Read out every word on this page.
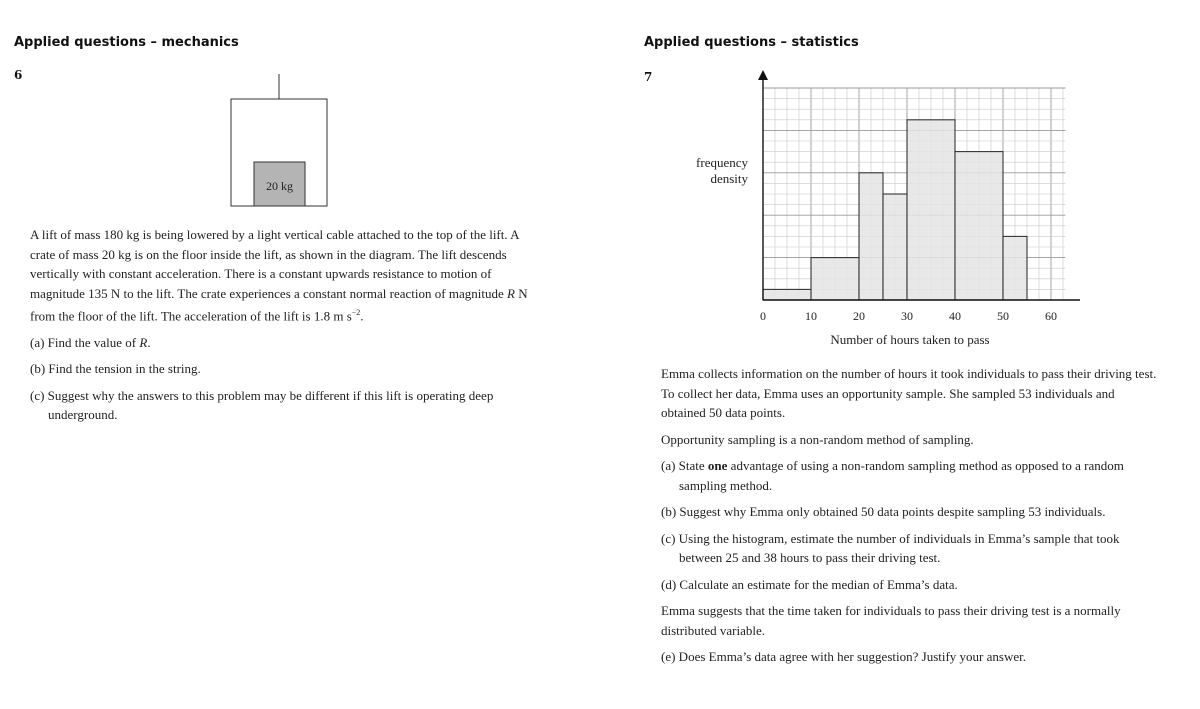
Applied questions – mechanics
6
20 kg

A lift of mass 180 kg is being lowered by a light vertical cable attached to the top of the lift. A

crate of mass 20 kg is on the floor inside the lift, as shown in the diagram. The lift descends

vertically with constant acceleration. There is a constant upwards resistance to motion of

magnitude 135 N to the lift. The crate experiences a constant normal reaction of magnitude R N

from the floor of the lift. The acceleration of the lift is 1.8 m $s^{-2}$.

(a) Find the value of R.

(b) Find the tension in the string.

(c) Suggest why the answers to this problem may be different if this lift is operating deep

underground.

Applied questions – statistics
7

frequency

density

0	10	20	30	40	50	60
Number of hours taken to pass

Emma collects information on the number of hours it took individuals to pass their driving test.

To collect her data, Emma uses an opportunity sample. She sampled 53 individuals and

obtained 50 data points.

Opportunity sampling is a non-random method of sampling.

(a) State one advantage of using a non-random sampling method as opposed to a random

sampling method.

(b) Suggest why Emma only obtained 50 data points despite sampling 53 individuals.

(c) Using the histogram, estimate the number of individuals in Emma’s sample that took

between 25 and 38 hours to pass their driving test.

(d) Calculate an estimate for the median of Emma’s data.

Emma suggests that the time taken for individuals to pass their driving test is a normally

distributed variable.

(e) Does Emma’s data agree with her suggestion? Justify your answer.
